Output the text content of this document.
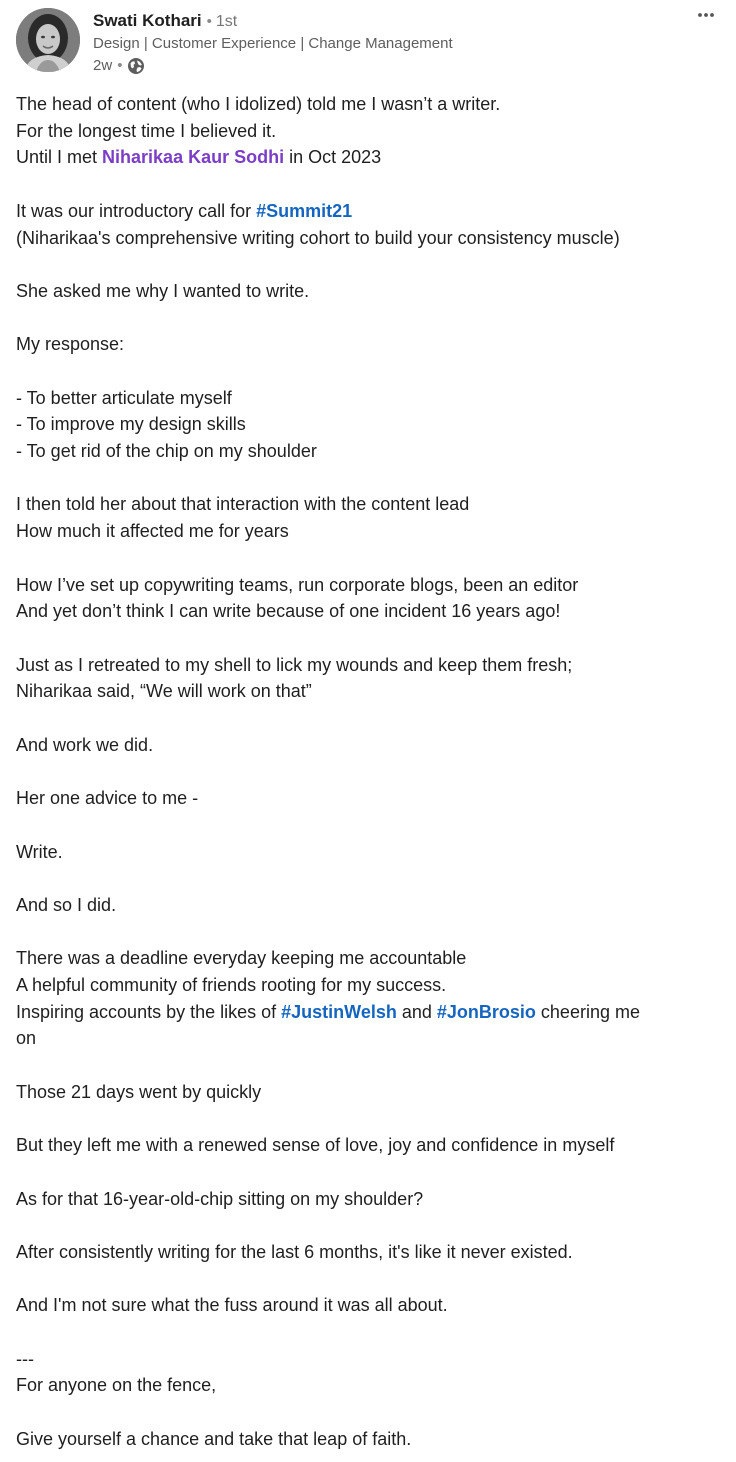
Swati Kothari • 1st
Design | Customer Experience | Change Management
2w •
The head of content (who I idolized) told me I wasn’t a writer.
For the longest time I believed it.
Until I met Niharikaa Kaur Sodhi in Oct 2023
It was our introductory call for #Summit21
(Niharikaa's comprehensive writing cohort to build your consistency muscle)
She asked me why I wanted to write.
My response:
- To better articulate myself
- To improve my design skills
- To get rid of the chip on my shoulder
I then told her about that interaction with the content lead
How much it affected me for years
How I’ve set up copywriting teams, run corporate blogs, been an editor
And yet don’t think I can write because of one incident 16 years ago!
Just as I retreated to my shell to lick my wounds and keep them fresh;
Niharikaa said, “We will work on that”
And work we did.
Her one advice to me -
Write.
And so I did.
There was a deadline everyday keeping me accountable
A helpful community of friends rooting for my success.
Inspiring accounts by the likes of #JustinWelsh and #JonBrosio cheering me
on
Those 21 days went by quickly
But they left me with a renewed sense of love, joy and confidence in myself
As for that 16-year-old-chip sitting on my shoulder?
After consistently writing for the last 6 months, it's like it never existed.
And I'm not sure what the fuss around it was all about.
---
For anyone on the fence,
Give yourself a chance and take that leap of faith.
